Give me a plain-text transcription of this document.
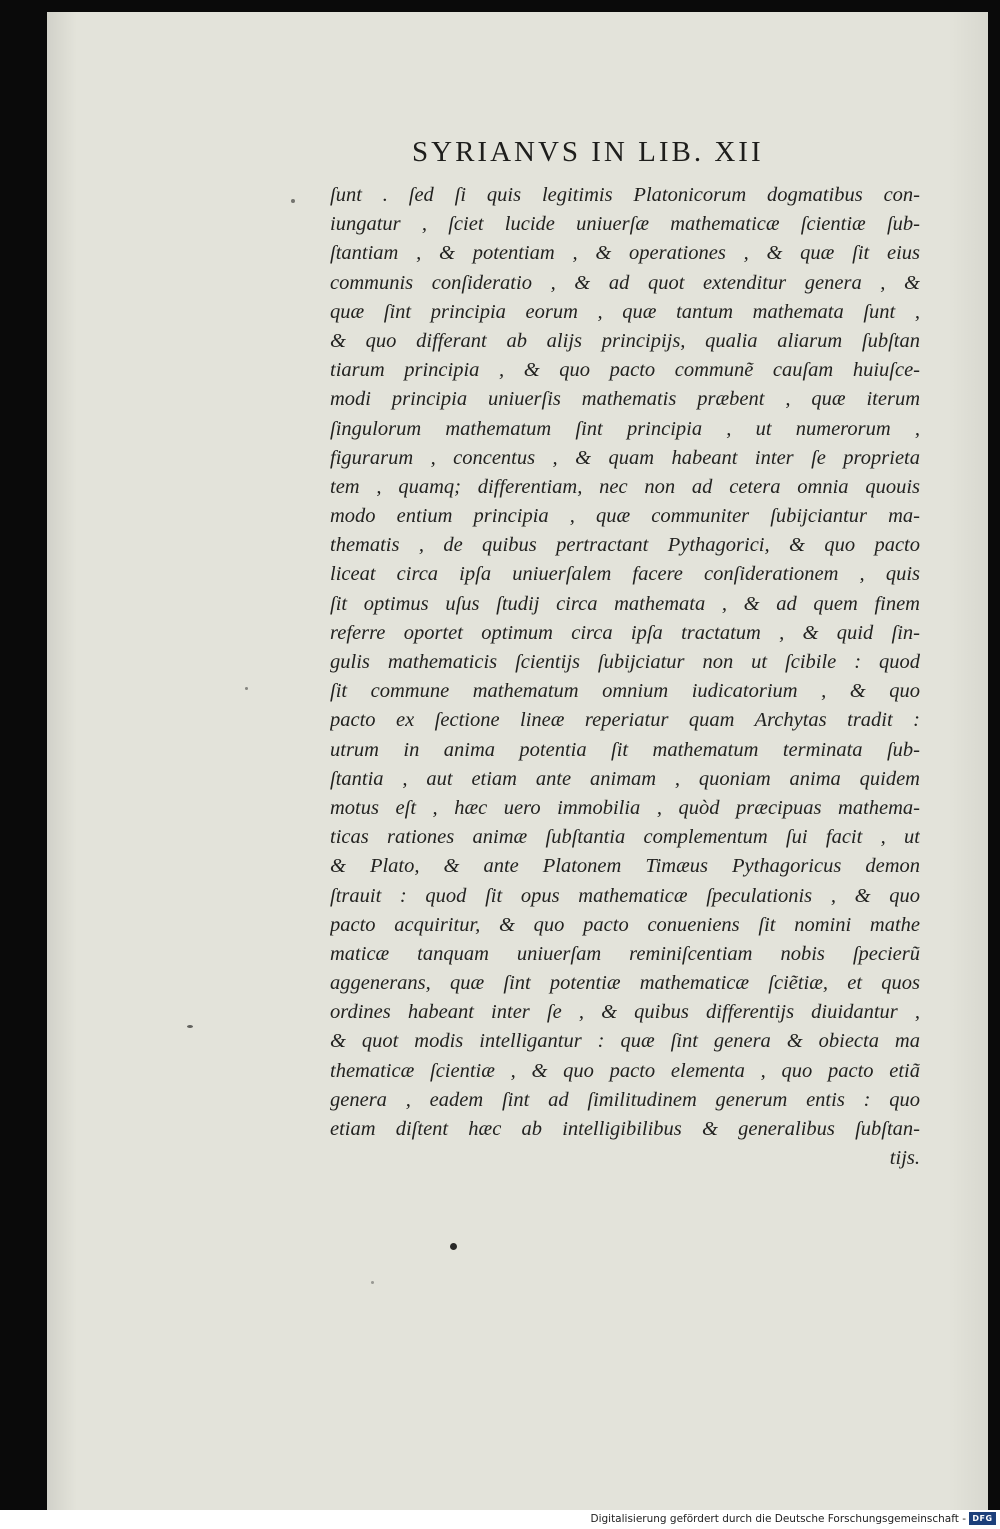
SYRIANVS IN LIB. XII
ſunt . ſed ſi quis legitimis Platonicorum dogmatibus con-
iungatur , ſciet lucide uniuerſæ mathematicæ ſcientiæ ſub-
ſtantiam , & potentiam , & operationes , & quæ ſit eius
communis conſideratio , & ad quot extenditur genera , &
quæ ſint principia eorum , quæ tantum mathemata ſunt ,
& quo differant ab alijs principijs, qualia aliarum ſubſtan
tiarum principia , & quo pacto communẽ cauſam huiuſce-
modi principia uniuerſis mathematis præbent , quæ iterum
ſingulorum mathematum ſint principia , ut numerorum ,
figurarum , concentus , & quam habeant inter ſe proprieta
tem , quamq; differentiam, nec non ad cetera omnia quouis
modo entium principia , quæ communiter ſubijciantur ma-
thematis , de quibus pertractant Pythagorici, & quo pacto
liceat circa ipſa uniuerſalem facere conſiderationem , quis
ſit optimus uſus ſtudij circa mathemata , & ad quem finem
referre oportet optimum circa ipſa tractatum , & quid ſin-
gulis mathematicis ſcientijs ſubijciatur non ut ſcibile : quod
ſit commune mathematum omnium iudicatorium , & quo
pacto ex ſectione lineæ reperiatur quam Archytas tradit :
utrum in anima potentia ſit mathematum terminata ſub-
ſtantia , aut etiam ante animam , quoniam anima quidem
motus eſt , hæc uero immobilia , quòd præcipuas mathema-
ticas rationes animæ ſubſtantia complementum ſui facit , ut
& Plato, & ante Platonem Timæus Pythagoricus demon
ſtrauit : quod ſit opus mathematicæ ſpeculationis , & quo
pacto acquiritur, & quo pacto conueniens ſit nomini mathe
maticæ tanquam uniuerſam reminiſcentiam nobis ſpecierũ
aggenerans, quæ ſint potentiæ mathematicæ ſciẽtiæ, et quos
ordines habeant inter ſe , & quibus differentijs diuidantur ,
& quot modis intelligantur : quæ ſint genera & obiecta ma
thematicæ ſcientiæ , & quo pacto elementa , quo pacto etiã
genera , eadem ſint ad ſimilitudinem generum entis : quo
etiam diſtent hæc ab intelligibilibus & generalibus ſubſtan-
tijs.
Digitalisierung gefördert durch die Deutsche Forschungsgemeinschaft - DFG
